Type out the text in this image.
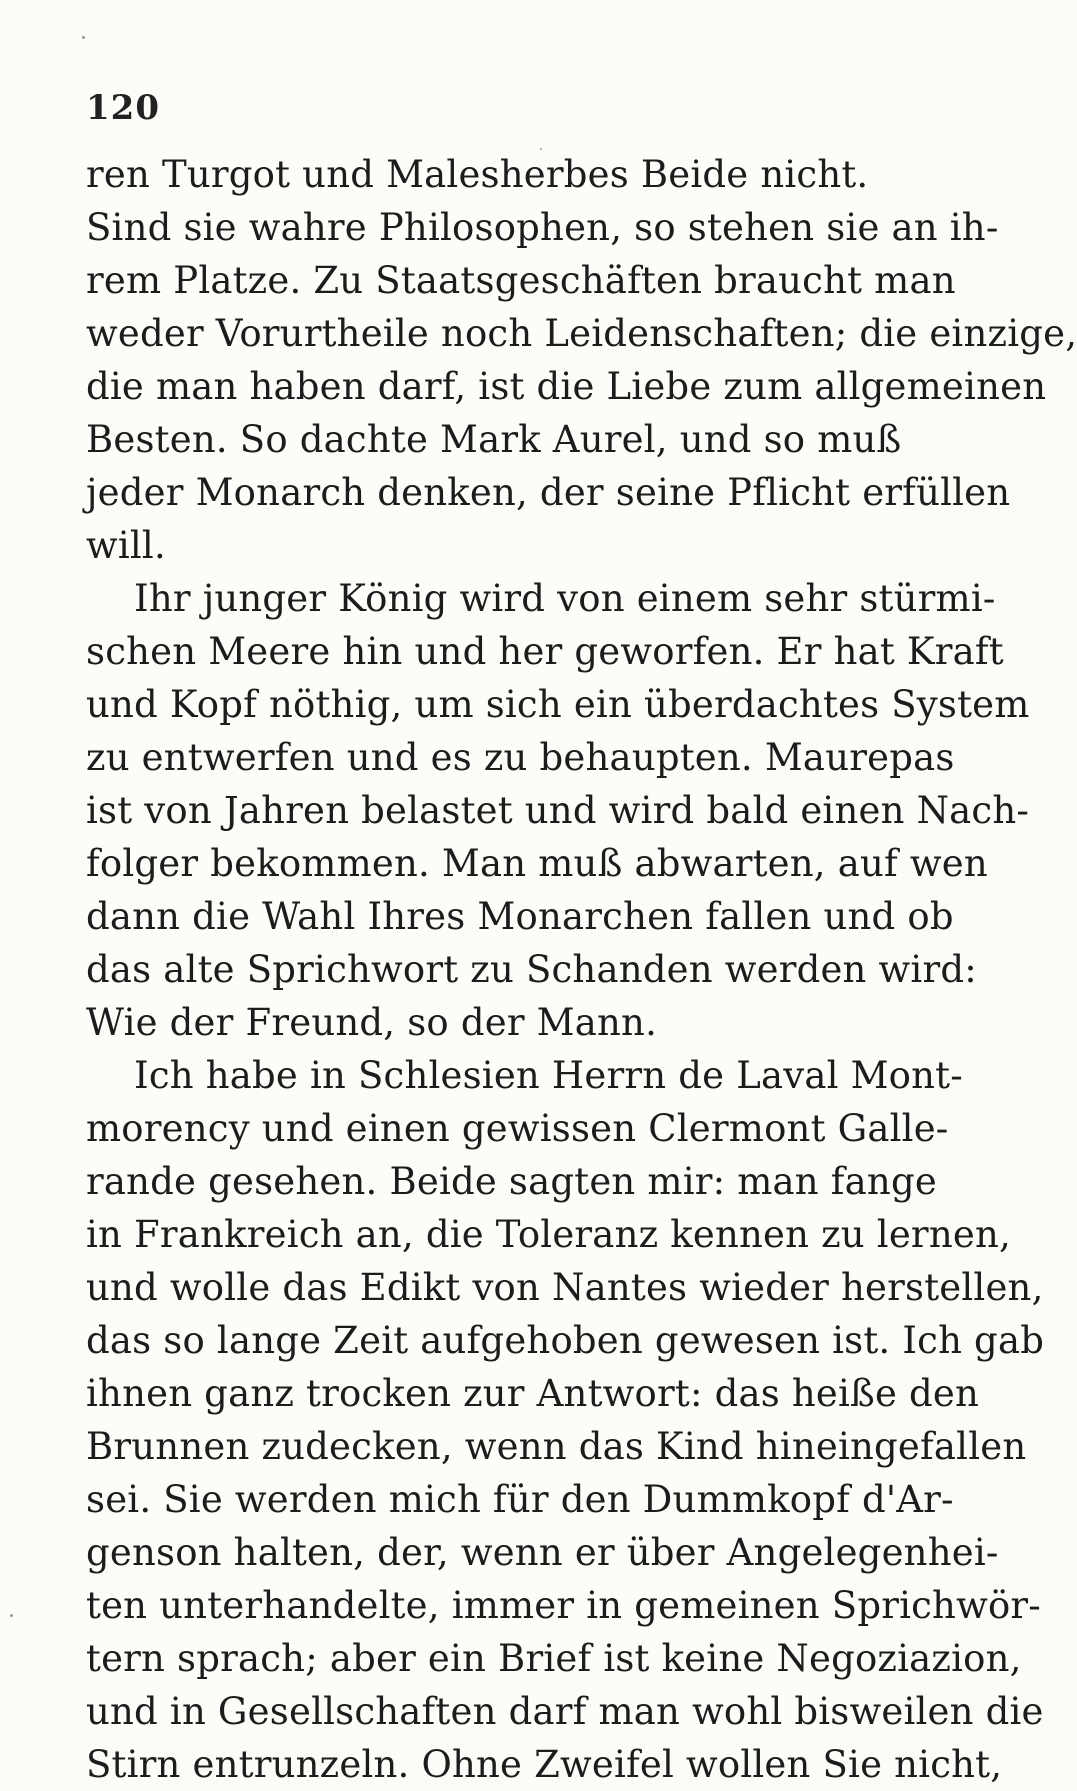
120
ren Turgot und Malesherbes Beide nicht.
Sind sie wahre Philosophen, so stehen sie an ih-
rem Platze. Zu Staatsgeschäften braucht man
weder Vorurtheile noch Leidenschaften; die einzige,
die man haben darf, ist die Liebe zum allgemeinen
Besten. So dachte Mark Aurel, und so muß
jeder Monarch denken, der seine Pflicht erfüllen
will.
Ihr junger König wird von einem sehr stürmi-
schen Meere hin und her geworfen. Er hat Kraft
und Kopf nöthig, um sich ein überdachtes System
zu entwerfen und es zu behaupten. Maurepas
ist von Jahren belastet und wird bald einen Nach-
folger bekommen. Man muß abwarten, auf wen
dann die Wahl Ihres Monarchen fallen und ob
das alte Sprichwort zu Schanden werden wird:
Wie der Freund, so der Mann.
Ich habe in Schlesien Herrn de Laval Mont-
morency und einen gewissen Clermont Galle-
rande gesehen. Beide sagten mir: man fange
in Frankreich an, die Toleranz kennen zu lernen,
und wolle das Edikt von Nantes wieder herstellen,
das so lange Zeit aufgehoben gewesen ist. Ich gab
ihnen ganz trocken zur Antwort: das heiße den
Brunnen zudecken, wenn das Kind hineingefallen
sei. Sie werden mich für den Dummkopf d'Ar-
genson halten, der, wenn er über Angelegenhei-
ten unterhandelte, immer in gemeinen Sprichwör-
tern sprach; aber ein Brief ist keine Negoziazion,
und in Gesellschaften darf man wohl bisweilen die
Stirn entrunzeln. Ohne Zweifel wollen Sie nicht,
